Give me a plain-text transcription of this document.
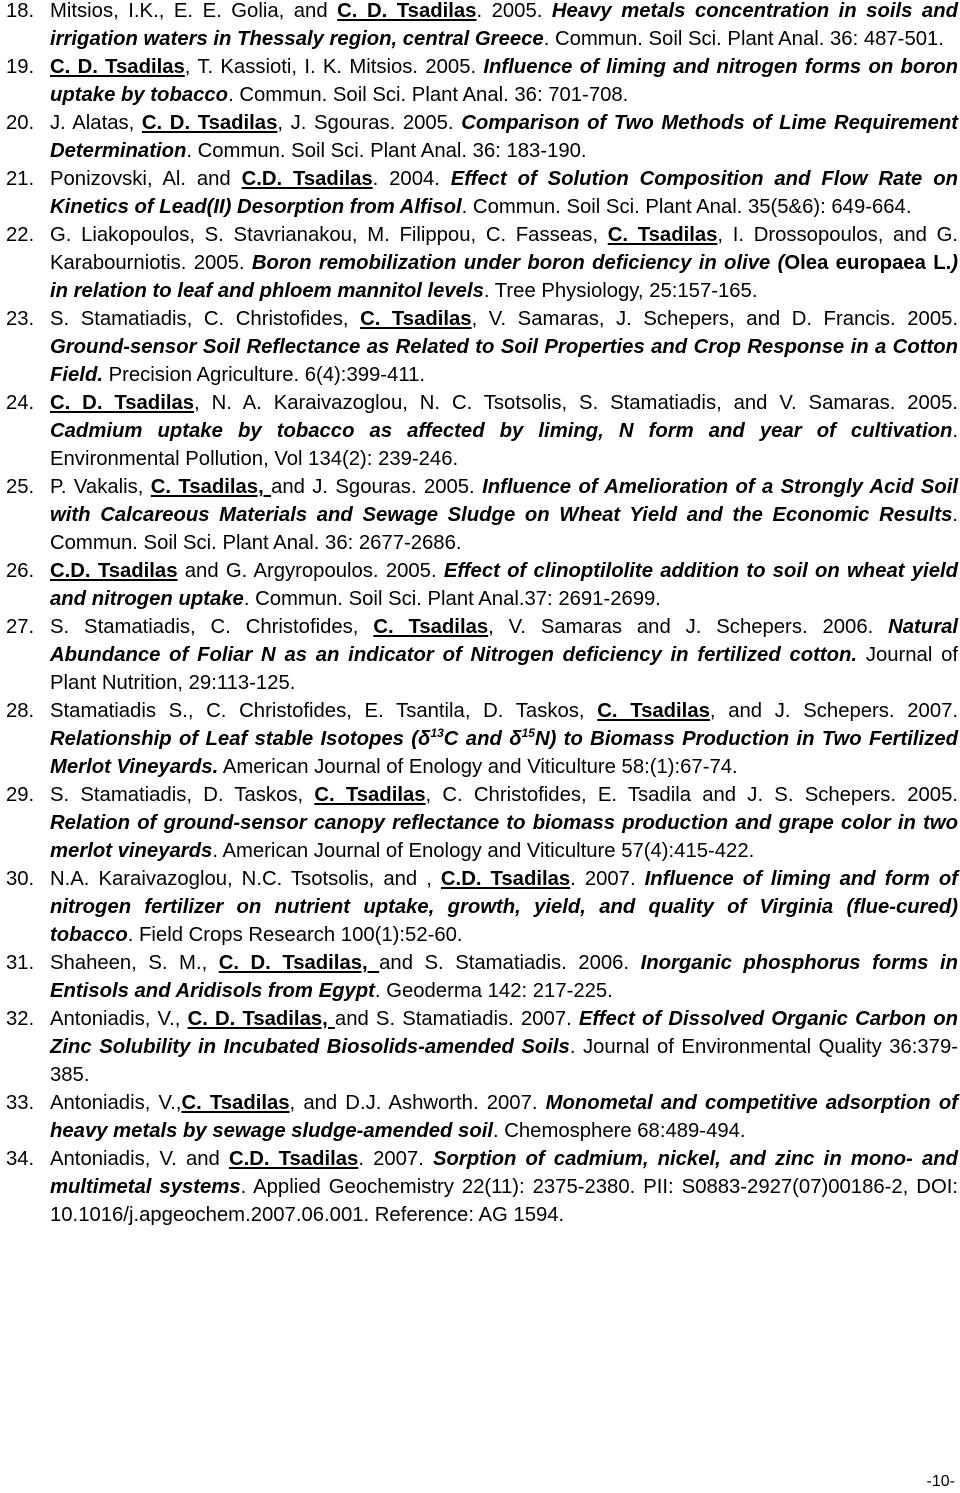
18. Mitsios, I.K., E. E. Golia, and C. D. Tsadilas. 2005. Heavy metals concentration in soils and irrigation waters in Thessaly region, central Greece. Commun. Soil Sci. Plant Anal. 36: 487-501.
19. C. D. Tsadilas, T. Kassioti, I. K. Mitsios. 2005. Influence of liming and nitrogen forms on boron uptake by tobacco. Commun. Soil Sci. Plant Anal. 36: 701-708.
20. J. Alatas, C. D. Tsadilas, J. Sgouras. 2005. Comparison of Two Methods of Lime Requirement Determination. Commun. Soil Sci. Plant Anal. 36: 183-190.
21. Ponizovski, Al. and C.D. Tsadilas. 2004. Effect of Solution Composition and Flow Rate on Kinetics of Lead(II) Desorption from Alfisol. Commun. Soil Sci. Plant Anal. 35(5&6): 649-664.
22. G. Liakopoulos, S. Stavrianakou, M. Filippou, C. Fasseas, C. Tsadilas, I. Drossopoulos, and G. Karabourniotis. 2005. Boron remobilization under boron deficiency in olive (Olea europaea L.) in relation to leaf and phloem mannitol levels. Tree Physiology, 25:157-165.
23. S. Stamatiadis, C. Christofides, C. Tsadilas, V. Samaras, J. Schepers, and D. Francis. 2005. Ground-sensor Soil Reflectance as Related to Soil Properties and Crop Response in a Cotton Field. Precision Agriculture. 6(4):399-411.
24. C. D. Tsadilas, N. A. Karaivazoglou, N. C. Tsotsolis, S. Stamatiadis, and V. Samaras. 2005. Cadmium uptake by tobacco as affected by liming, N form and year of cultivation. Environmental Pollution, Vol 134(2): 239-246.
25. P. Vakalis, C. Tsadilas, and J. Sgouras. 2005. Influence of Amelioration of a Strongly Acid Soil with Calcareous Materials and Sewage Sludge on Wheat Yield and the Economic Results. Commun. Soil Sci. Plant Anal. 36: 2677-2686.
26. C.D. Tsadilas and G. Argyropoulos. 2005. Effect of clinoptilolite addition to soil on wheat yield and nitrogen uptake. Commun. Soil Sci. Plant Anal.37: 2691-2699.
27. S. Stamatiadis, C. Christofides, C. Tsadilas, V. Samaras and J. Schepers. 2006. Natural Abundance of Foliar N as an indicator of Nitrogen deficiency in fertilized cotton. Journal of Plant Nutrition, 29:113-125.
28. Stamatiadis S., C. Christofides, E. Tsantila, D. Taskos, C. Tsadilas, and J. Schepers. 2007. Relationship of Leaf stable Isotopes ($\delta^{13}C$ and $\delta^{15}N$) to Biomass Production in Two Fertilized Merlot Vineyards. American Journal of Enology and Viticulture 58:(1):67-74.
29. S. Stamatiadis, D. Taskos, C. Tsadilas, C. Christofides, E. Tsadila and J. S. Schepers. 2005. Relation of ground-sensor canopy reflectance to biomass production and grape color in two merlot vineyards. American Journal of Enology and Viticulture 57(4):415-422.
30. N.A. Karaivazoglou, N.C. Tsotsolis, and , C.D. Tsadilas. 2007. Influence of liming and form of nitrogen fertilizer on nutrient uptake, growth, yield, and quality of Virginia (flue-cured) tobacco. Field Crops Research 100(1):52-60.
31. Shaheen, S. M., C. D. Tsadilas, and S. Stamatiadis. 2006. Inorganic phosphorus forms in Entisols and Aridisols from Egypt. Geoderma 142: 217-225.
32. Antoniadis, V., C. D. Tsadilas, and S. Stamatiadis. 2007. Effect of Dissolved Organic Carbon on Zinc Solubility in Incubated Biosolids-amended Soils. Journal of Environmental Quality 36:379-385.
33. Antoniadis, V.,C. Tsadilas, and D.J. Ashworth. 2007. Monometal and competitive adsorption of heavy metals by sewage sludge-amended soil. Chemosphere 68:489-494.
34. Antoniadis, V. and C.D. Tsadilas. 2007. Sorption of cadmium, nickel, and zinc in mono- and multimetal systems. Applied Geochemistry 22(11): 2375-2380. PII: S0883-2927(07)00186-2, DOI: 10.1016/j.apgeochem.2007.06.001. Reference: AG 1594.
-10-
